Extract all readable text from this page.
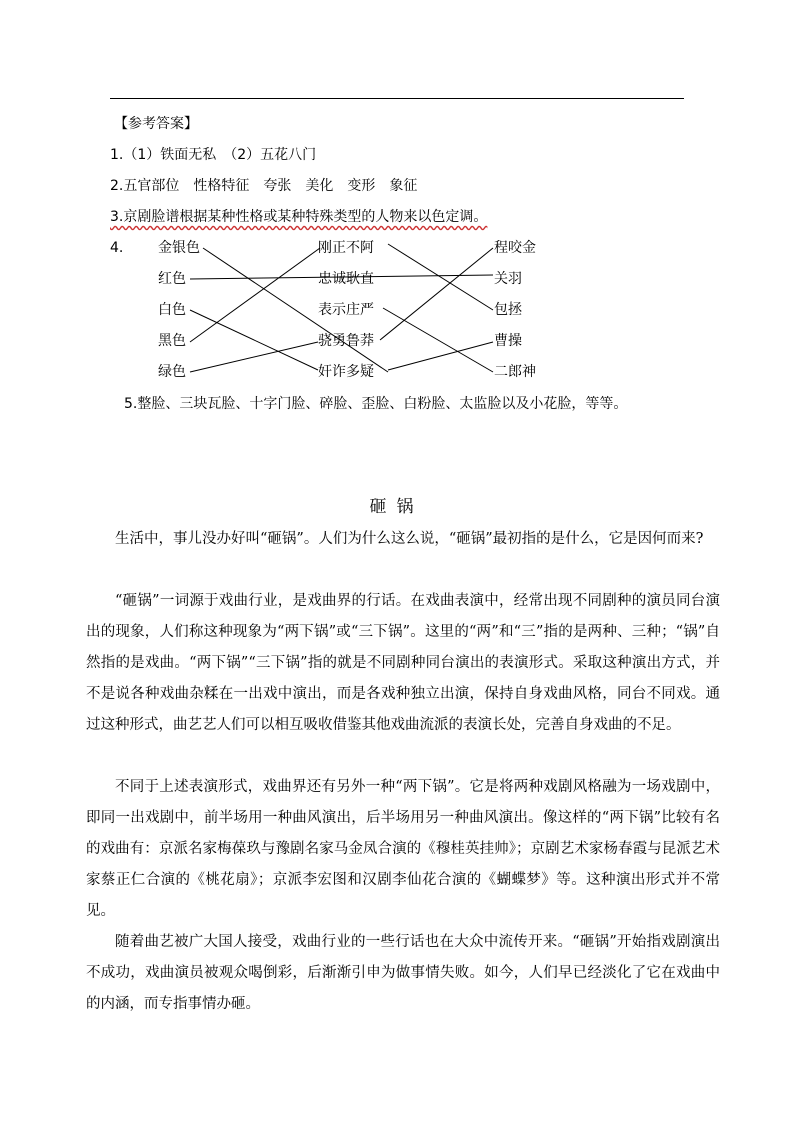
【参考答案】
1.（1）铁面无私　（2）五花八门
2.五官部位　性格特征　夸张　美化　变形　象征
3.京剧脸谱根据某种性格或某种特殊类型的人物来以色定调。
4. 金银色
红色
白色
黑色
绿色
刚正不阿
忠诚耿直
表示庄严
骁勇鲁莽
奸诈多疑
程咬金
关羽
包拯
曹操
二郎神
5.整脸、三块瓦脸、十字门脸、碎脸、歪脸、白粉脸、太监脸以及小花脸，等等。
砸锅
生活中，事儿没办好叫“砸锅”。人们为什么这么说，“砸锅”最初指的是什么，它是因何而来?
“砸锅”一词源于戏曲行业，是戏曲界的行话。在戏曲表演中，经常出现不同剧种的演员同台演出的现象，人们称这种现象为“两下锅”或“三下锅”。这里的“两”和“三”指的是两种、三种；“锅”自然指的是戏曲。“两下锅”“三下锅”指的就是不同剧种同台演出的表演形式。采取这种演出方式，并不是说各种戏曲杂糅在一出戏中演出，而是各戏种独立出演，保持自身戏曲风格，同台不同戏。通过这种形式，曲艺艺人们可以相互吸收借鉴其他戏曲流派的表演长处，完善自身戏曲的不足。
不同于上述表演形式，戏曲界还有另外一种“两下锅”。它是将两种戏剧风格融为一场戏剧中，即同一出戏剧中，前半场用一种曲风演出，后半场用另一种曲风演出。像这样的“两下锅”比较有名的戏曲有：京派名家梅葆玖与豫剧名家马金凤合演的《穆桂英挂帅》；京剧艺术家杨春霞与昆派艺术家蔡正仁合演的《桃花扇》；京派李宏图和汉剧李仙花合演的《蝴蝶梦》等。这种演出形式并不常见。
随着曲艺被广大国人接受，戏曲行业的一些行话也在大众中流传开来。“砸锅”开始指戏剧演出不成功，戏曲演员被观众喝倒彩，后渐渐引申为做事情失败。如今，人们早已经淡化了它在戏曲中的内涵，而专指事情办砸。
